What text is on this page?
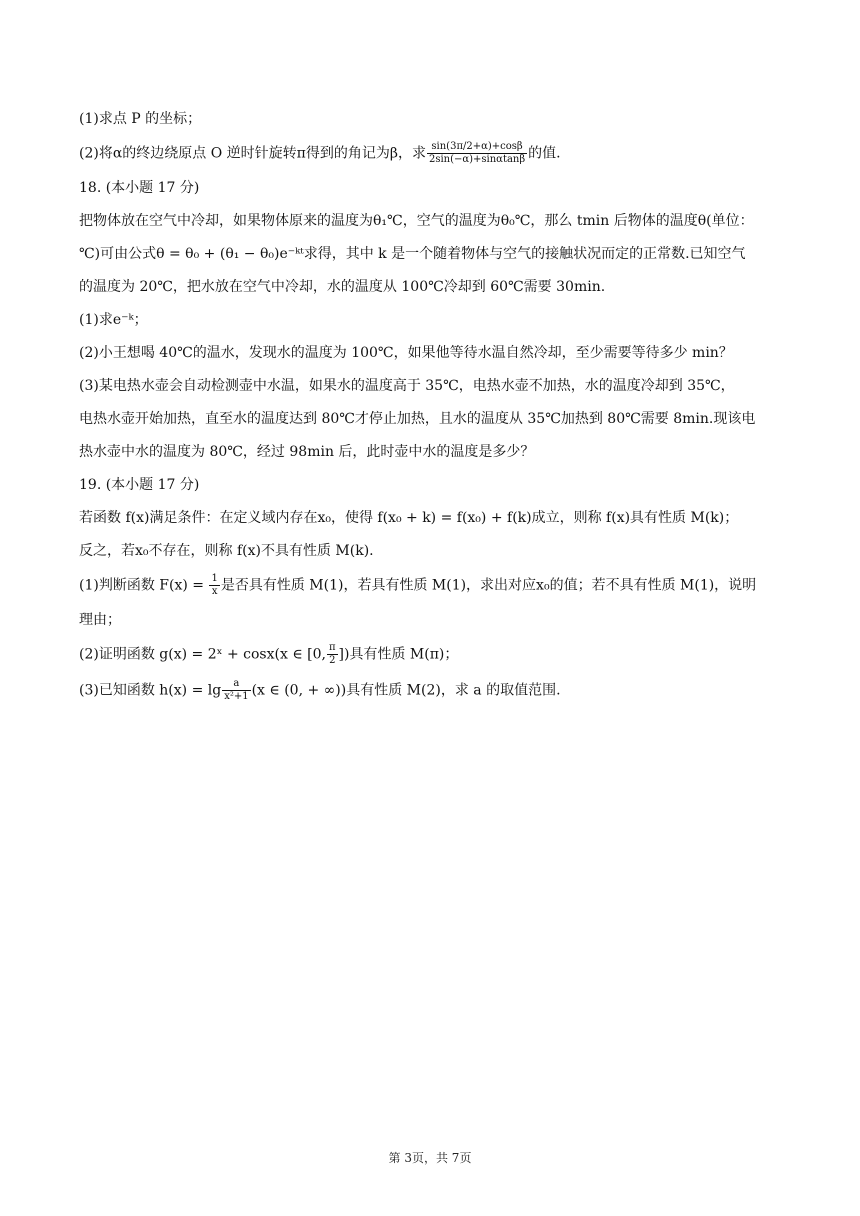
(1)求点 P 的坐标；
(2)将α的终边绕原点 O 逆时针旋转π得到的角记为β，求 $\frac{\sin(3\pi/2+\alpha)+\cos\beta}{2\sin(-\alpha)+\sin\alpha\tan\beta}$ 的值.
18. (本小题 17 分)
把物体放在空气中冷却，如果物体原来的温度为θ₁℃，空气的温度为θ₀℃，那么 tmin 后物体的温度θ(单位：
℃)可由公式θ = θ₀ + (θ₁ − θ₀)e⁻ᵏᵗ求得，其中 k 是一个随着物体与空气的接触状况而定的正常数.已知空气
的温度为 20℃，把水放在空气中冷却，水的温度从 100℃冷却到 60℃需要 30min.
(1)求e⁻ᵏ；
(2)小王想喝 40℃的温水，发现水的温度为 100℃，如果他等待水温自然冷却，至少需要等待多少 min？
(3)某电热水壶会自动检测壶中水温，如果水的温度高于 35℃，电热水壶不加热，水的温度冷却到 35℃，
电热水壶开始加热，直至水的温度达到 80℃才停止加热，且水的温度从 35℃加热到 80℃需要 8min.现该电
热水壶中水的温度为 80℃，经过 98min 后，此时壶中水的温度是多少？
19. (本小题 17 分)
若函数 f(x)满足条件：在定义域内存在x₀，使得 f(x₀ + k) = f(x₀) + f(k)成立，则称 f(x)具有性质 M(k)；
反之，若x₀不存在，则称 f(x)不具有性质 M(k).
(1)判断函数 $F(x) = \frac{1}{x}$ 是否具有性质 M(1)，若具有性质 M(1)，求出对应x₀的值；若不具有性质 M(1)，说明
理由；
(2)证明函数 g(x) = 2ˣ + cosx(x ∈ [0, $\frac{\pi}{2}$ ])具有性质 M(π)；
(3)已知函数 $h(x) = \lg \frac{a}{\text{x²+1}} (x$ ∈ (0, + ∞))具有性质 M(2)，求 a 的取值范围.
第 3页，共 7页
